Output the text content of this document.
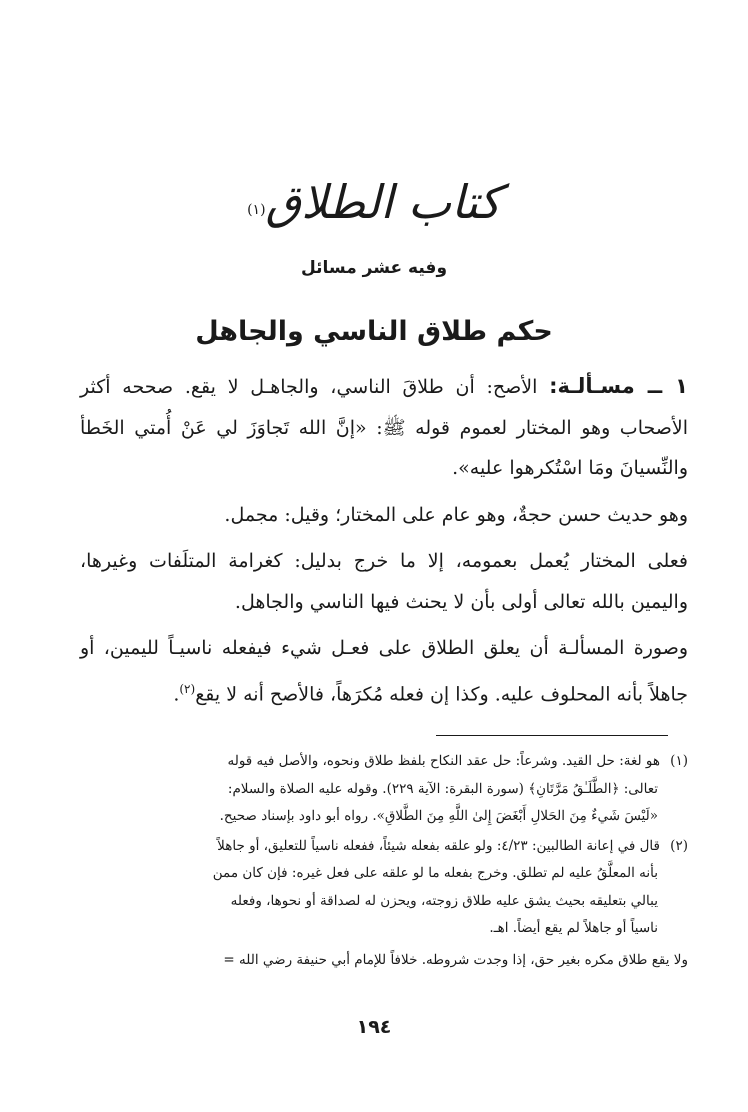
كتاب الطلاق$^{(١)}$
وفيه عشر مسائل
حكم طلاق الناسي والجاهل

١ ــ مسـألـة: الأصح: أن طلاقَ الناسي، والجاهـل لا يقع. صححه أكثر الأصحاب وهو المختار لعموم قوله ﷺ: «إنَّ الله تَجاوَزَ لي عَنْ أُمتي الخَطأ والنِّسيانَ ومَا اسْتُكرهوا عليه».

وهو حديث حسن حجةٌ، وهو عام على المختار؛ وقيل: مجمل.

فعلى المختار يُعمل بعمومه، إلا ما خرج بدليل: كغرامة المتلَفات وغيرها، واليمين بالله تعالى أولى بأن لا يحنث فيها الناسي والجاهل.

وصورة المسألـة أن يعلق الطلاق على فعـل شيء فيفعله ناسيـاً لليمين، أو جاهلاً بأنه المحلوف عليه. وكذا إن فعله مُكرَهاً، فالأصح أنه لا يقع$^{(٢)}$.

(١)هو لغة: حل القيد. وشرعاً: حل عقد النكاح بلفظ طلاق ونحوه، والأصل فيه قوله
تعالى: ﴿الطَّلَـٰقُ مَرَّتَانِ﴾ (سورة البقرة: الآية ٢٢٩). وقوله عليه الصلاة والسلام:
«لَيْسَ شَيءٌ مِنَ الحَلالِ أَبْغَضَ إِلىٰ اللَّهِ مِنَ الطَّلاقِ». رواه أبو داود بإسناد صحيح.
(٢)قال في إعانة الطالبين: ٤/٢٣: ولو علقه بفعله شيئاً، ففعله ناسياً للتعليق، أو جاهلاً
بأنه المعلَّقُ عليه لم تطلق. وخرج بفعله ما لو علقه على فعل غيره: فإن كان ممن
يبالي بتعليقه بحيث يشق عليه طلاق زوجته، ويحزن له لصداقة أو نحوها، وفعله
ناسياً أو جاهلاً لم يقع أيضاً. اهـ.
ولا يقع طلاق مكره بغير حق، إذا وجدت شروطه. خلافاً للإمام أبي حنيفة رضي الله =
١٩٤
